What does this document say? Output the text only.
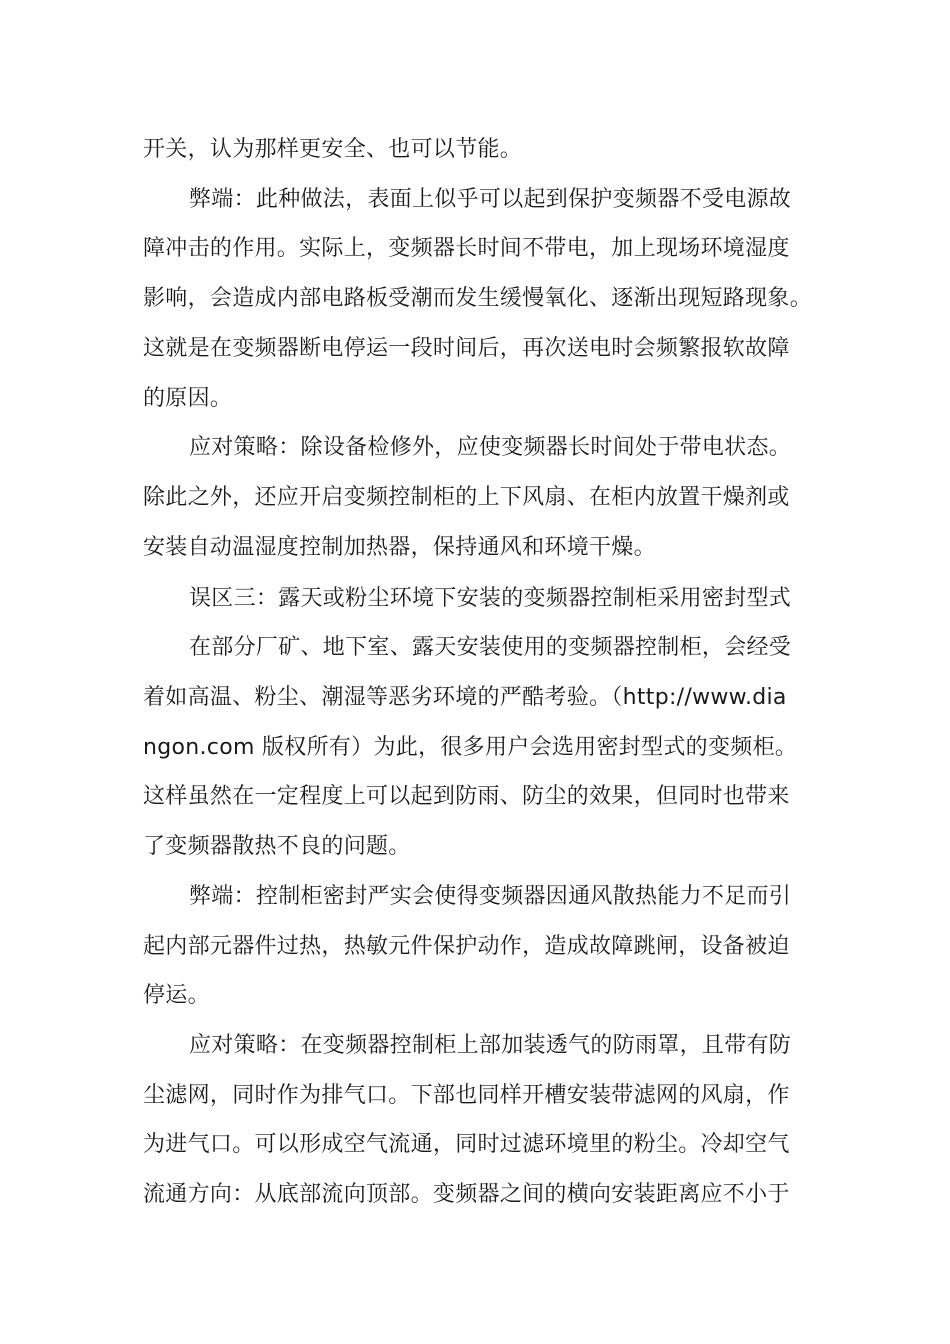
开关，认为那样更安全、也可以节能。
弊端：此种做法，表面上似乎可以起到保护变频器不受电源故
障冲击的作用。实际上，变频器长时间不带电，加上现场环境湿度
影响，会造成内部电路板受潮而发生缓慢氧化、逐渐出现短路现象。
这就是在变频器断电停运一段时间后，再次送电时会频繁报软故障
的原因。
应对策略：除设备检修外，应使变频器长时间处于带电状态。
除此之外，还应开启变频控制柜的上下风扇、在柜内放置干燥剂或
安装自动温湿度控制加热器，保持通风和环境干燥。
误区三：露天或粉尘环境下安装的变频器控制柜采用密封型式
在部分厂矿、地下室、露天安装使用的变频器控制柜，会经受
着如高温、粉尘、潮湿等恶劣环境的严酷考验。（http://www.dia
ngon.com 版权所有）为此，很多用户会选用密封型式的变频柜。
这样虽然在一定程度上可以起到防雨、防尘的效果，但同时也带来
了变频器散热不良的问题。
弊端：控制柜密封严实会使得变频器因通风散热能力不足而引
起内部元器件过热，热敏元件保护动作，造成故障跳闸，设备被迫
停运。
应对策略：在变频器控制柜上部加装透气的防雨罩，且带有防
尘滤网，同时作为排气口。下部也同样开槽安装带滤网的风扇，作
为进气口。可以形成空气流通，同时过滤环境里的粉尘。冷却空气
流通方向：从底部流向顶部。变频器之间的横向安装距离应不小于
